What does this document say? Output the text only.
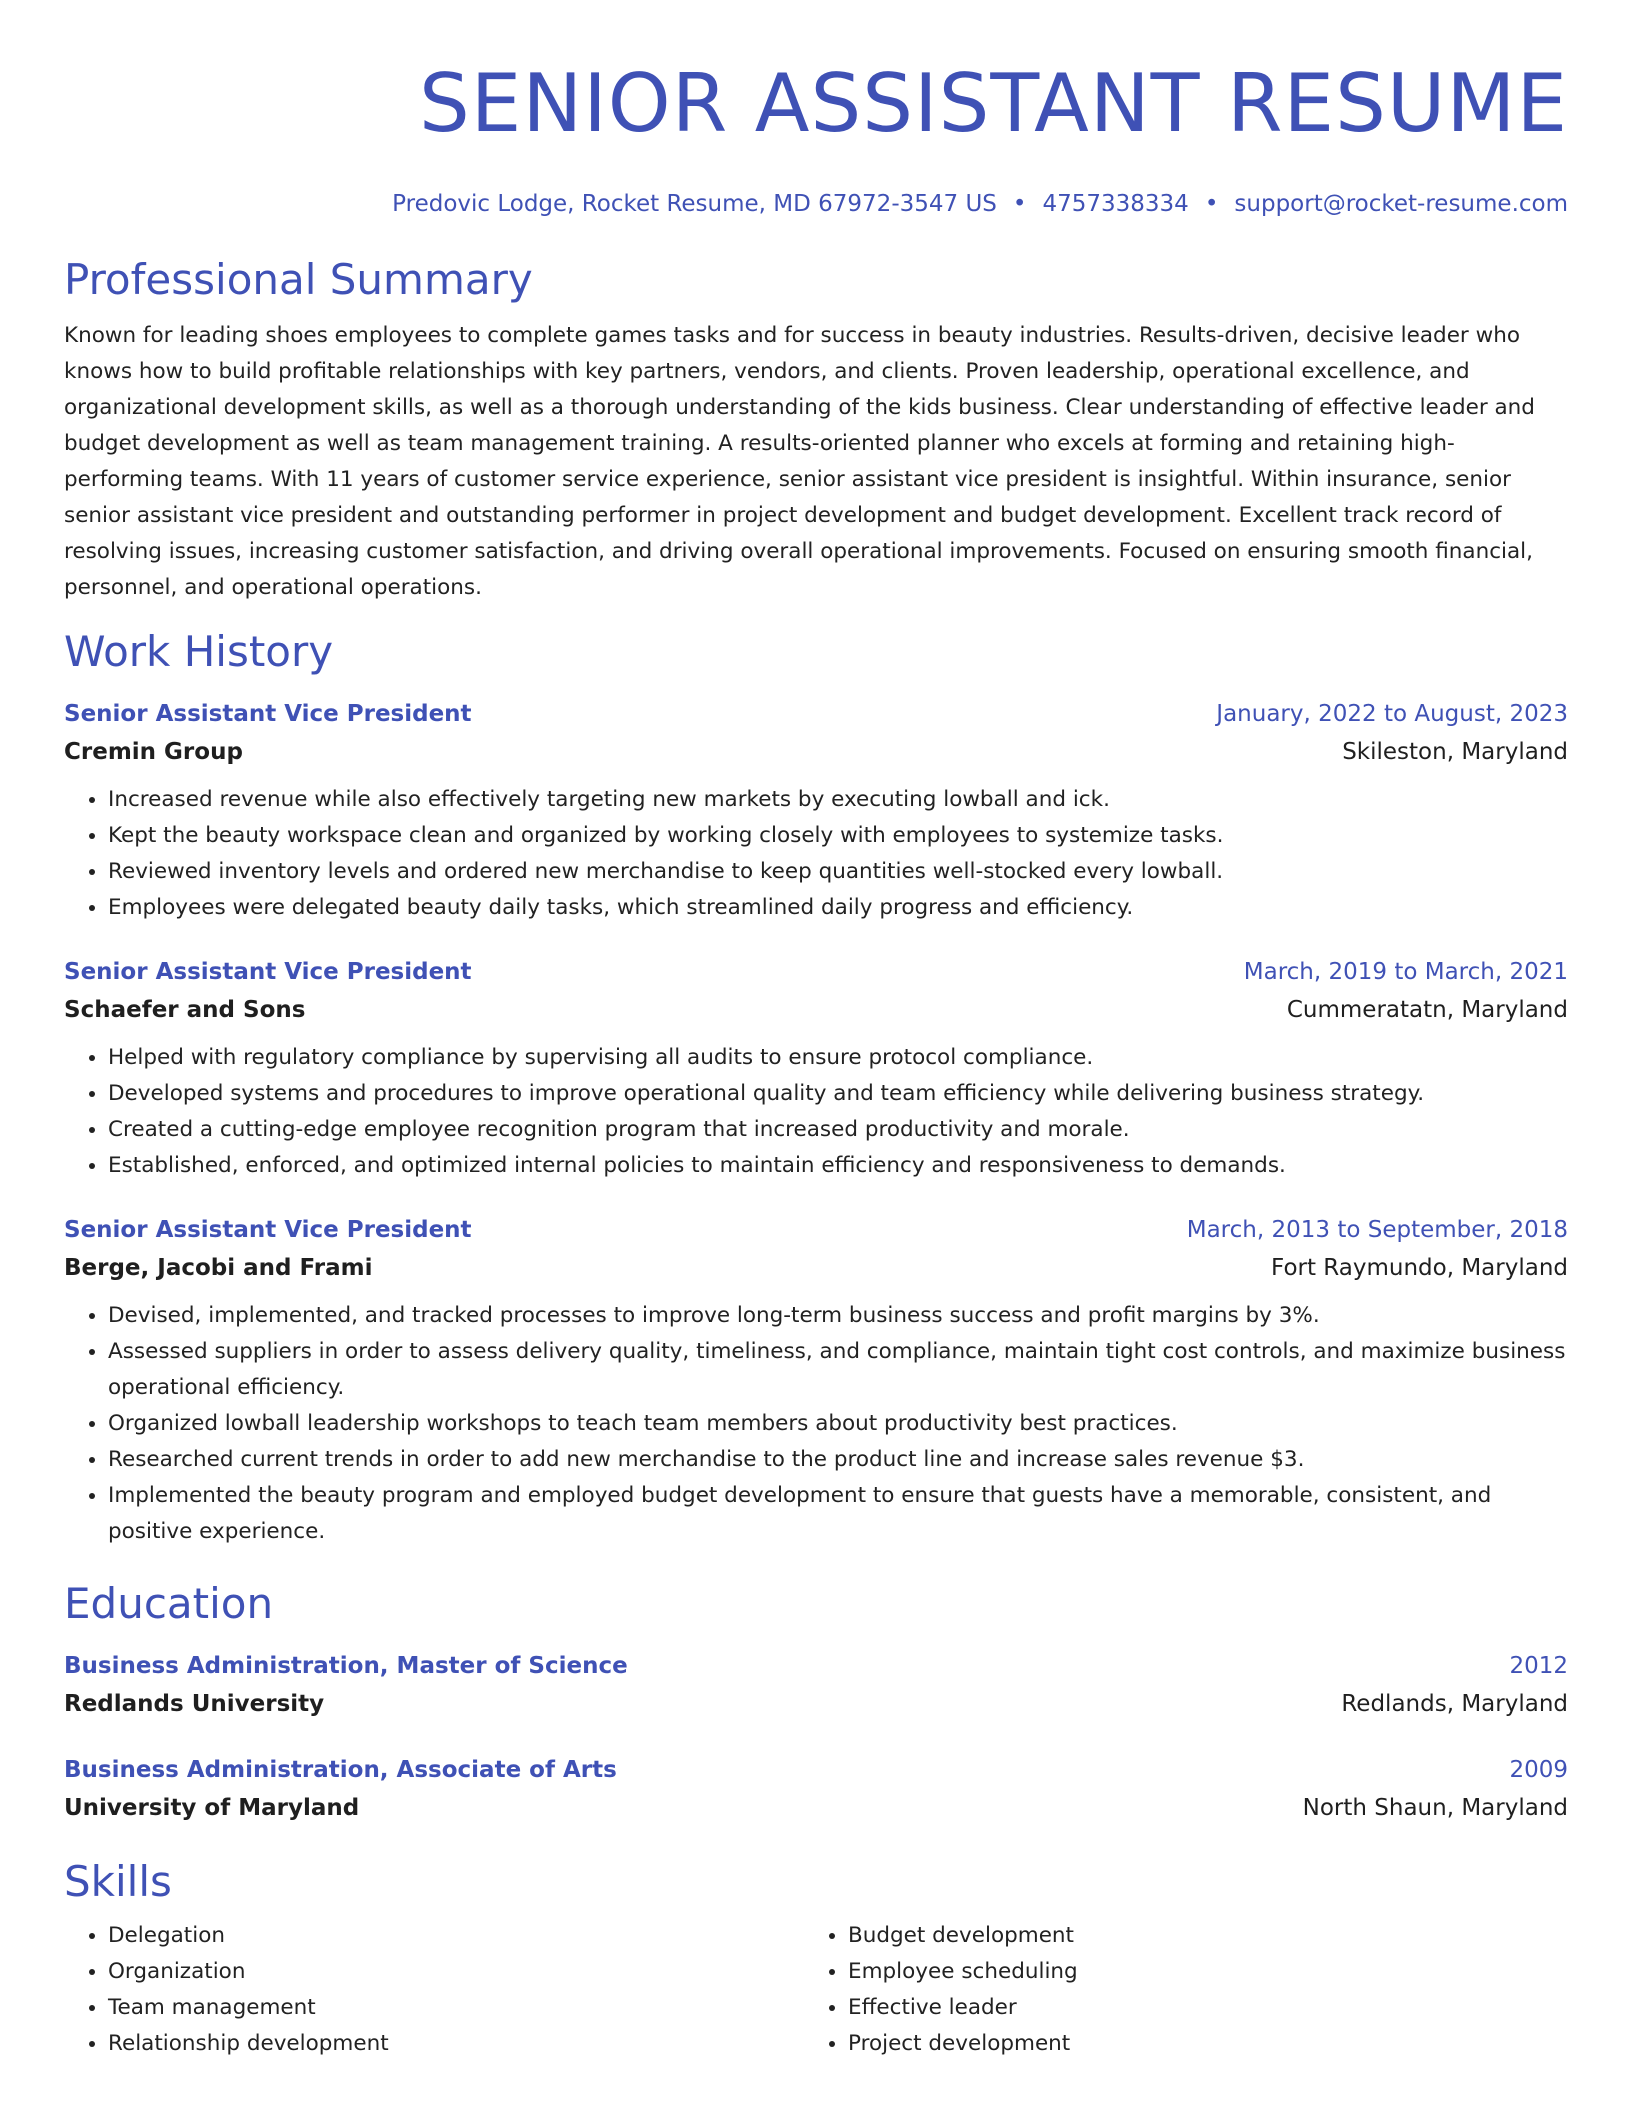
SENIOR ASSISTANT RESUME
Predovic Lodge, Rocket Resume, MD 67972-3547 US • 4757338334 • support@rocket-resume.com
Professional Summary
Known for leading shoes employees to complete games tasks and for success in beauty industries. Results-driven, decisive leader who knows how to build profitable relationships with key partners, vendors, and clients. Proven leadership, operational excellence, and organizational development skills, as well as a thorough understanding of the kids business. Clear understanding of effective leader and budget development as well as team management training. A results-oriented planner who excels at forming and retaining high-performing teams. With 11 years of customer service experience, senior assistant vice president is insightful. Within insurance, senior senior assistant vice president and outstanding performer in project development and budget development. Excellent track record of resolving issues, increasing customer satisfaction, and driving overall operational improvements. Focused on ensuring smooth financial, personnel, and operational operations.
Work History
Senior Assistant Vice President	January, 2022 to August, 2023
Cremin Group	Skileston, Maryland
• Increased revenue while also effectively targeting new markets by executing lowball and ick.
• Kept the beauty workspace clean and organized by working closely with employees to systemize tasks.
• Reviewed inventory levels and ordered new merchandise to keep quantities well-stocked every lowball.
• Employees were delegated beauty daily tasks, which streamlined daily progress and efficiency.
Senior Assistant Vice President	March, 2019 to March, 2021
Schaefer and Sons	Cummeratatn, Maryland
• Helped with regulatory compliance by supervising all audits to ensure protocol compliance.
• Developed systems and procedures to improve operational quality and team efficiency while delivering business strategy.
• Created a cutting-edge employee recognition program that increased productivity and morale.
• Established, enforced, and optimized internal policies to maintain efficiency and responsiveness to demands.
Senior Assistant Vice President	March, 2013 to September, 2018
Berge, Jacobi and Frami	Fort Raymundo, Maryland
• Devised, implemented, and tracked processes to improve long-term business success and profit margins by 3%.
• Assessed suppliers in order to assess delivery quality, timeliness, and compliance, maintain tight cost controls, and maximize business operational efficiency.
• Organized lowball leadership workshops to teach team members about productivity best practices.
• Researched current trends in order to add new merchandise to the product line and increase sales revenue $3.
• Implemented the beauty program and employed budget development to ensure that guests have a memorable, consistent, and positive experience.
Education
Business Administration, Master of Science	2012
Redlands University	Redlands, Maryland
Business Administration, Associate of Arts	2009
University of Maryland	North Shaun, Maryland
Skills
• Delegation
• Organization
• Team management
• Relationship development
• Budget development
• Employee scheduling
• Effective leader
• Project development
